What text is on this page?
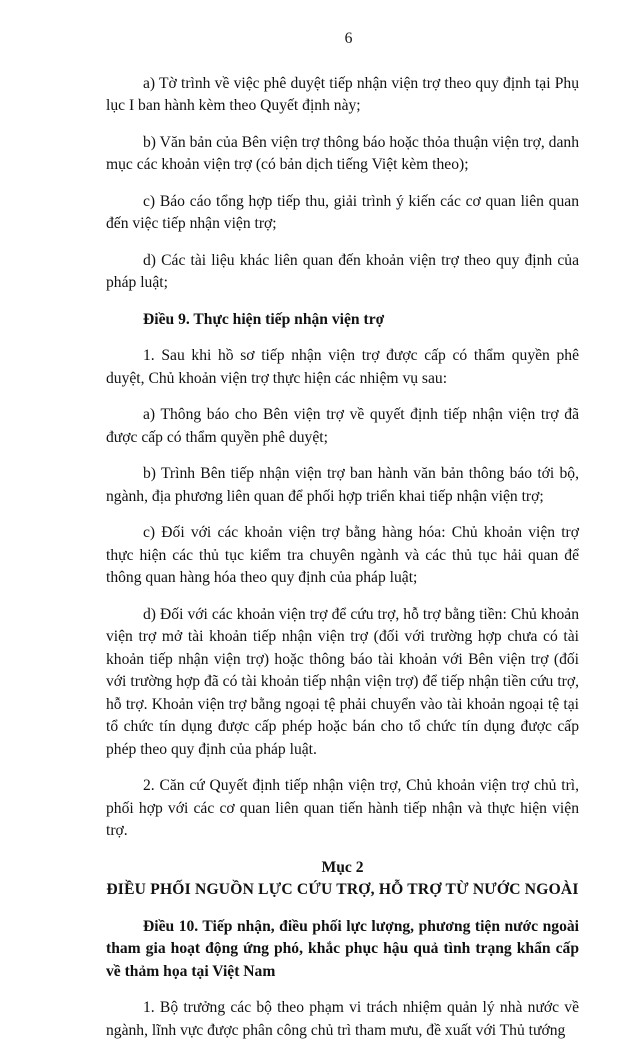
6

a) Tờ trình về việc phê duyệt tiếp nhận viện trợ theo quy định tại Phụ lục I ban hành kèm theo Quyết định này;

b) Văn bản của Bên viện trợ thông báo hoặc thỏa thuận viện trợ, danh mục các khoản viện trợ (có bản dịch tiếng Việt kèm theo);

c) Báo cáo tổng hợp tiếp thu, giải trình ý kiến các cơ quan liên quan đến việc tiếp nhận viện trợ;

d) Các tài liệu khác liên quan đến khoản viện trợ theo quy định của pháp luật;

Điều 9. Thực hiện tiếp nhận viện trợ

1. Sau khi hồ sơ tiếp nhận viện trợ được cấp có thẩm quyền phê duyệt, Chủ khoản viện trợ thực hiện các nhiệm vụ sau:

a) Thông báo cho Bên viện trợ về quyết định tiếp nhận viện trợ đã được cấp có thẩm quyền phê duyệt;

b) Trình Bên tiếp nhận viện trợ ban hành văn bản thông báo tới bộ, ngành, địa phương liên quan để phối hợp triển khai tiếp nhận viện trợ;

c) Đối với các khoản viện trợ bằng hàng hóa: Chủ khoản viện trợ thực hiện các thủ tục kiểm tra chuyên ngành và các thủ tục hải quan để thông quan hàng hóa theo quy định của pháp luật;

d) Đối với các khoản viện trợ để cứu trợ, hỗ trợ bằng tiền: Chủ khoản viện trợ mở tài khoản tiếp nhận viện trợ (đối với trường hợp chưa có tài khoản tiếp nhận viện trợ) hoặc thông báo tài khoản với Bên viện trợ (đối với trường hợp đã có tài khoản tiếp nhận viện trợ) để tiếp nhận tiền cứu trợ, hỗ trợ. Khoản viện trợ bằng ngoại tệ phải chuyển vào tài khoản ngoại tệ tại tổ chức tín dụng được cấp phép hoặc bán cho tổ chức tín dụng được cấp phép theo quy định của pháp luật.

2. Căn cứ Quyết định tiếp nhận viện trợ, Chủ khoản viện trợ chủ trì, phối hợp với các cơ quan liên quan tiến hành tiếp nhận và thực hiện viện trợ.

Mục 2
ĐIỀU PHỐI NGUỒN LỰC CỨU TRỢ, HỖ TRỢ TỪ NƯỚC NGOÀI
Điều 10. Tiếp nhận, điều phối lực lượng, phương tiện nước ngoài tham gia hoạt động ứng phó, khắc phục hậu quả tình trạng khẩn cấp về thảm họa tại Việt Nam

1. Bộ trưởng các bộ theo phạm vi trách nhiệm quản lý nhà nước về ngành, lĩnh vực được phân công chủ trì tham mưu, đề xuất với Thủ tướng
